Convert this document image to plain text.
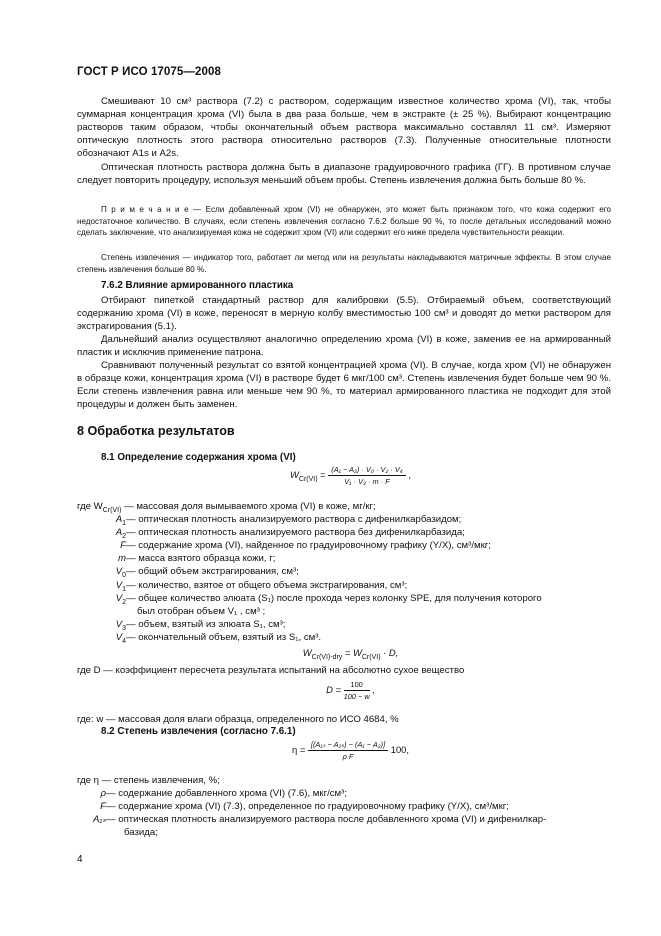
ГОСТ Р ИСО 17075—2008
Смешивают 10 см³ раствора (7.2) с раствором, содержащим известное количество хрома (VI), так, чтобы суммарная концентрация хрома (VI) была в два раза больше, чем в экстракте (± 25 %). Выбирают концентрацию растворов таким образом, чтобы окончательный объем раствора максимально составлял 11 см³. Измеряют оптическую плотность этого раствора относительно растворов (7.3). Полученные относительные плотности обозначают A1s и A2s.
Оптическая плотность раствора должна быть в диапазоне градуировочного графика (ГГ). В противном случае следует повторить процедуру, используя меньший объем пробы. Степень извлечения должна быть больше 80 %.
П р и м е ч а н и е — Если добавленный хром (VI) не обнаружен, это может быть признаком того, что кожа содержит его недостаточное количество. В случаях, если степень извлечения согласно 7.6.2 больше 90 %, то после детальных исследований можно сделать заключение, что анализируемая кожа не содержит хром (VI) или содержит его ниже предела чувствительности реакции.
Степень извлечения — индикатор того, работает ли метод или на результаты накладываются матричные эффекты. В этом случае степень извлечения больше 80 %.
7.6.2 Влияние армированного пластика
Отбирают пипеткой стандартный раствор для калибровки (5.5). Отбираемый объем, соответствующий содержанию хрома (VI) в коже, переносят в мерную колбу вместимостью 100 см³ и доводят до метки раствором для экстрагирования (5.1).
Дальнейший анализ осуществляют аналогично определению хрома (VI) в коже, заменив ее на армированный пластик и исключив применение патрона.
Сравнивают полученный результат со взятой концентрацией хрома (VI). В случае, когда хром (VI) не обнаружен в образце кожи, концентрация хрома (VI) в растворе будет 6 мкг/100 см³. Степень извлечения будет больше чем 90 %. Если степень извлечения равна или меньше чем 90 %, то материал армированного пластика не подходит для этой процедуры и должен быть заменен.
8 Обработка результатов
8.1 Определение содержания хрома (VI)
$W_{Cr(VI)} = \frac{\text{(A₁ − A₂) · V₀ · V₂ · V₄}}{\text{V₁ · V₃ · m · F}}$ ,
где $W_{Cr(VI)}$ — массовая доля вымываемого хрома (VI) в коже, мг/кг;
$A_1$ — оптическая плотность анализируемого раствора с дифенилкарбазидом;
$A_2$ — оптическая плотность анализируемого раствора без дифенилкарбазида;
F — содержание хрома (VI), найденное по градуировочному графику (Y/X), см³/мкг;
m — масса взятого образца кожи, г;
$V_0$ — общий объем экстрагирования, см³;
$V_1$ — количество, взятое от общего объема экстрагирования, см³;
$V_2$ — общее количество элюата (S₁) после прохода через колонку SPE, для получения которого
был отобран объем V₁ , см³ ;
$V_3$ — объем, взятый из элюата S₁, см³;
$V_4$ — окончательный объем, взятый из S₁, см³.
$W_{Cr(VI)-dry} = W_{Cr(VI)} \cdot D$,
где D — коэффициент пересчета результата испытаний на абсолютно сухое вещество
$D = \frac{100}{100 - w}$ ,
где: w — массовая доля влаги образца, определенного по ИСО 4684, %
8.2 Степень извлечения (согласно 7.6.1)
$\eta = \frac{\text{[(A₁ₛ − A₂ₛ) − (A₁ − A₂)]}}{\text{ρ F}} 100$,
где η — степень извлечения, %;
ρ — содержание добавленного хрома (VI) (7.6), мкг/см³;
F — содержание хрома (VI) (7.3), определенное по градуировочному графику (Y/X), см³/мкг;
A₁ₛ — оптическая плотность анализируемого раствора после добавленного хрома (VI) и дифенилкар-
базида;
4
